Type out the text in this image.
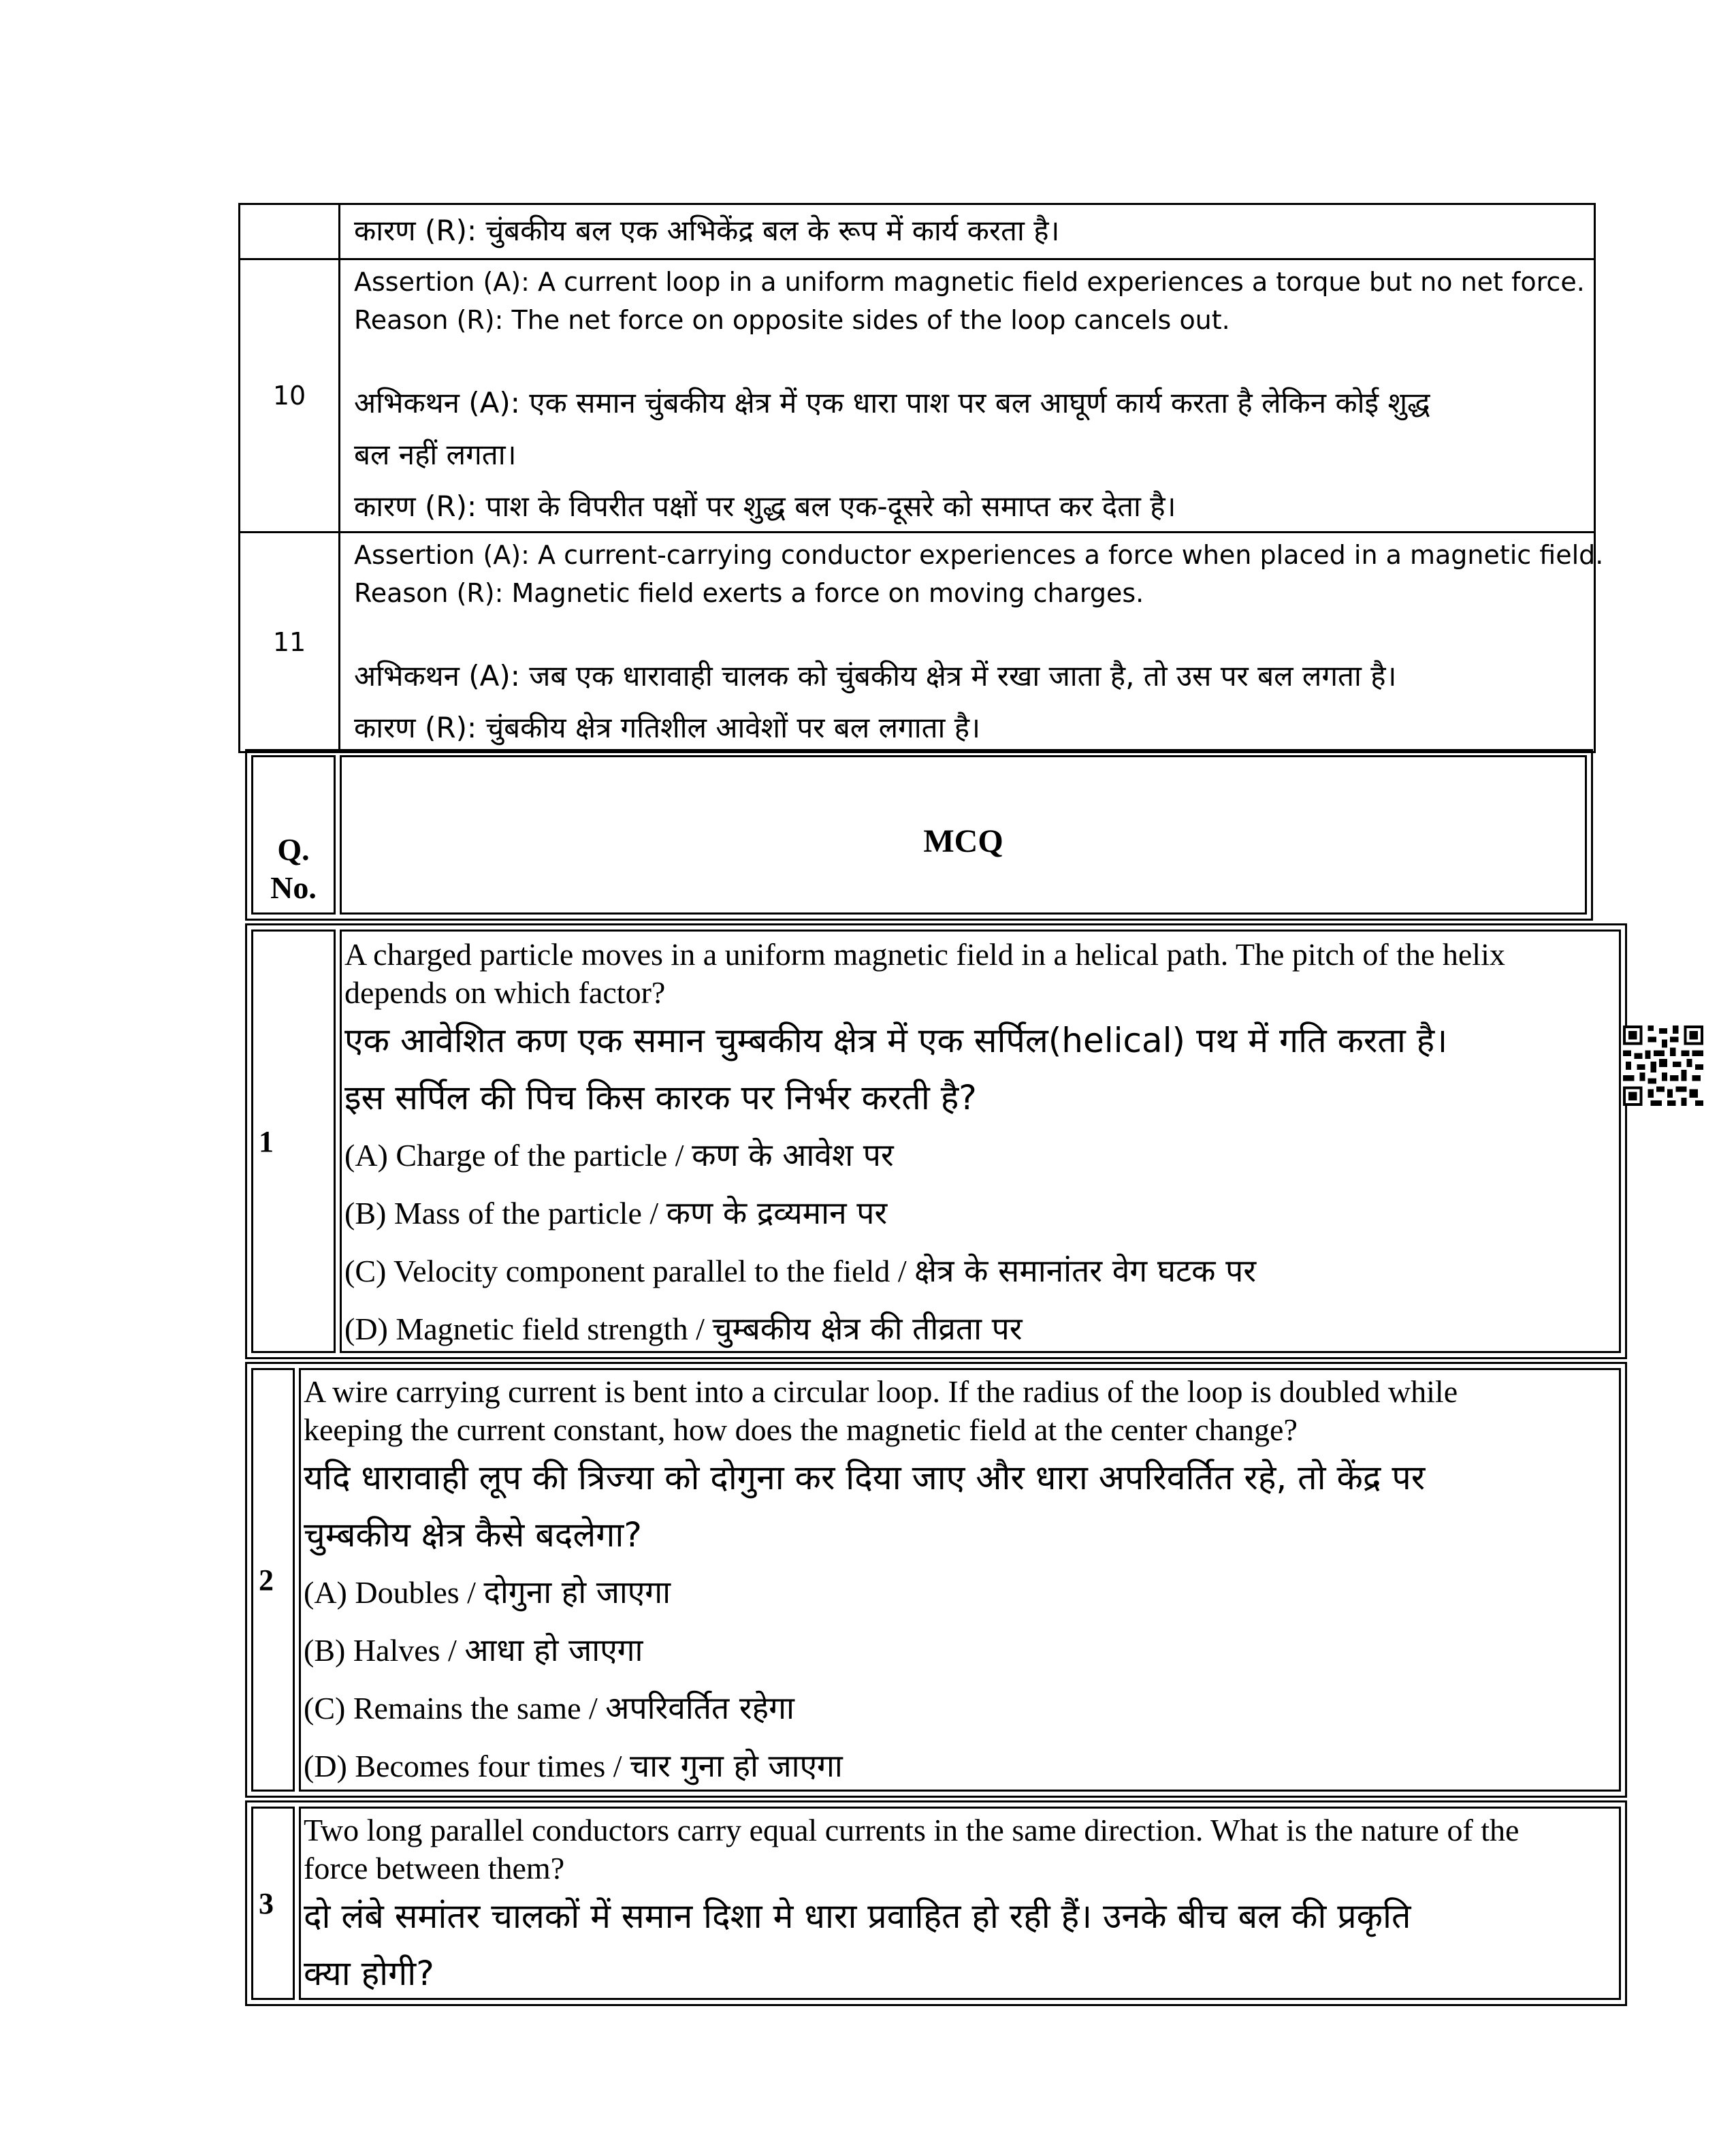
कारण (R): चुंबकीय बल एक अभिकेंद्र बल के रूप में कार्य करता है।
10
Assertion (A): A current loop in a uniform magnetic field experiences a torque but no net force.
Reason (R): The net force on opposite sides of the loop cancels out.
अभिकथन (A): एक समान चुंबकीय क्षेत्र में एक धारा पाश पर बल आघूर्ण कार्य करता है लेकिन कोई शुद्ध
बल नहीं लगता।
कारण (R): पाश के विपरीत पक्षों पर शुद्ध बल एक-दूसरे को समाप्त कर देता है।
11
Assertion (A): A current-carrying conductor experiences a force when placed in a magnetic field.
Reason (R): Magnetic field exerts a force on moving charges.
अभिकथन (A): जब एक धारावाही चालक को चुंबकीय क्षेत्र में रखा जाता है, तो उस पर बल लगता है।
कारण (R): चुंबकीय क्षेत्र गतिशील आवेशों पर बल लगाता है।
Q.
No.
MCQ
1
A charged particle moves in a uniform magnetic field in a helical path. The pitch of the helix
depends on which factor?
एक आवेशित कण एक समान चुम्बकीय क्षेत्र में एक सर्पिल(helical) पथ में गति करता है।
इस सर्पिल की पिच किस कारक पर निर्भर करती है?
(A) Charge of the particle / कण के आवेश पर
(B) Mass of the particle / कण के द्रव्यमान पर
(C) Velocity component parallel to the field / क्षेत्र के समानांतर वेग घटक पर
(D) Magnetic field strength / चुम्बकीय क्षेत्र की तीव्रता पर
2
A wire carrying current is bent into a circular loop. If the radius of the loop is doubled while
keeping the current constant, how does the magnetic field at the center change?
यदि धारावाही लूप की त्रिज्या को दोगुना कर दिया जाए और धारा अपरिवर्तित रहे, तो केंद्र पर
चुम्बकीय क्षेत्र कैसे बदलेगा?
(A) Doubles / दोगुना हो जाएगा
(B) Halves / आधा हो जाएगा
(C) Remains the same / अपरिवर्तित रहेगा
(D) Becomes four times / चार गुना हो जाएगा
3
Two long parallel conductors carry equal currents in the same direction. What is the nature of the
force between them?
दो लंबे समांतर चालकों में समान दिशा मे धारा प्रवाहित हो रही हैं। उनके बीच बल की प्रकृति
क्या होगी?
